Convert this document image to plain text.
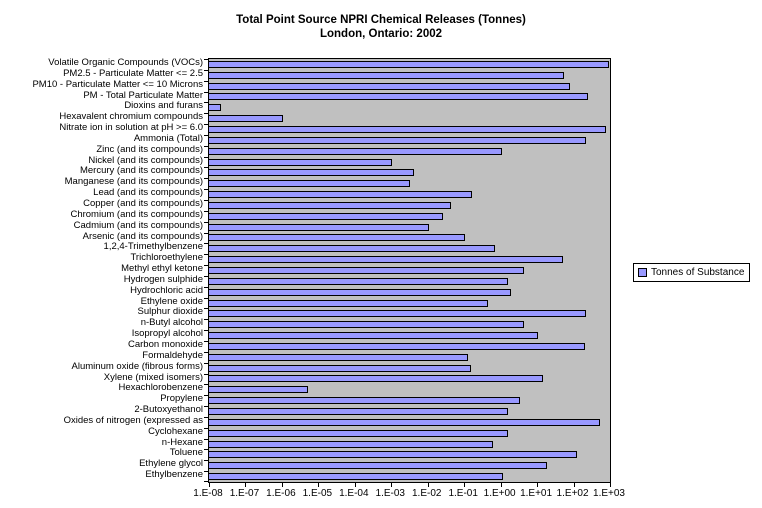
Total Point Source NPRI Chemical Releases (Tonnes)
London, Ontario: 2002
Volatile Organic Compounds (VOCs)
PM2.5 - Particulate Matter <= 2.5
PM10 - Particulate Matter <= 10 Microns
PM - Total Particulate Matter
Dioxins and furans
Hexavalent chromium compounds
Nitrate ion in solution at pH >= 6.0
Ammonia (Total)
Zinc (and its compounds)
Nickel (and its compounds)
Mercury (and its compounds)
Manganese (and its compounds)
Lead (and its compounds)
Copper (and its compounds)
Chromium (and its compounds)
Cadmium (and its compounds)
Arsenic (and its compounds)
1,2,4-Trimethylbenzene
Trichloroethylene
Methyl ethyl ketone
Hydrogen sulphide
Hydrochloric acid
Ethylene oxide
Sulphur dioxide
n-Butyl alcohol
Isopropyl alcohol
Carbon monoxide
Formaldehyde
Aluminum oxide (fibrous forms)
Xylene (mixed isomers)
Hexachlorobenzene
Propylene
2-Butoxyethanol
Oxides of nitrogen (expressed as
Cyclohexane
n-Hexane
Toluene
Ethylene glycol
Ethylbenzene
1.E-08 1.E-07 1.E-06 1.E-05 1.E-04 1.E-03 1.E-02 1.E-01 1.E+00 1.E+01 1.E+02 1.E+03
Tonnes of Substance
